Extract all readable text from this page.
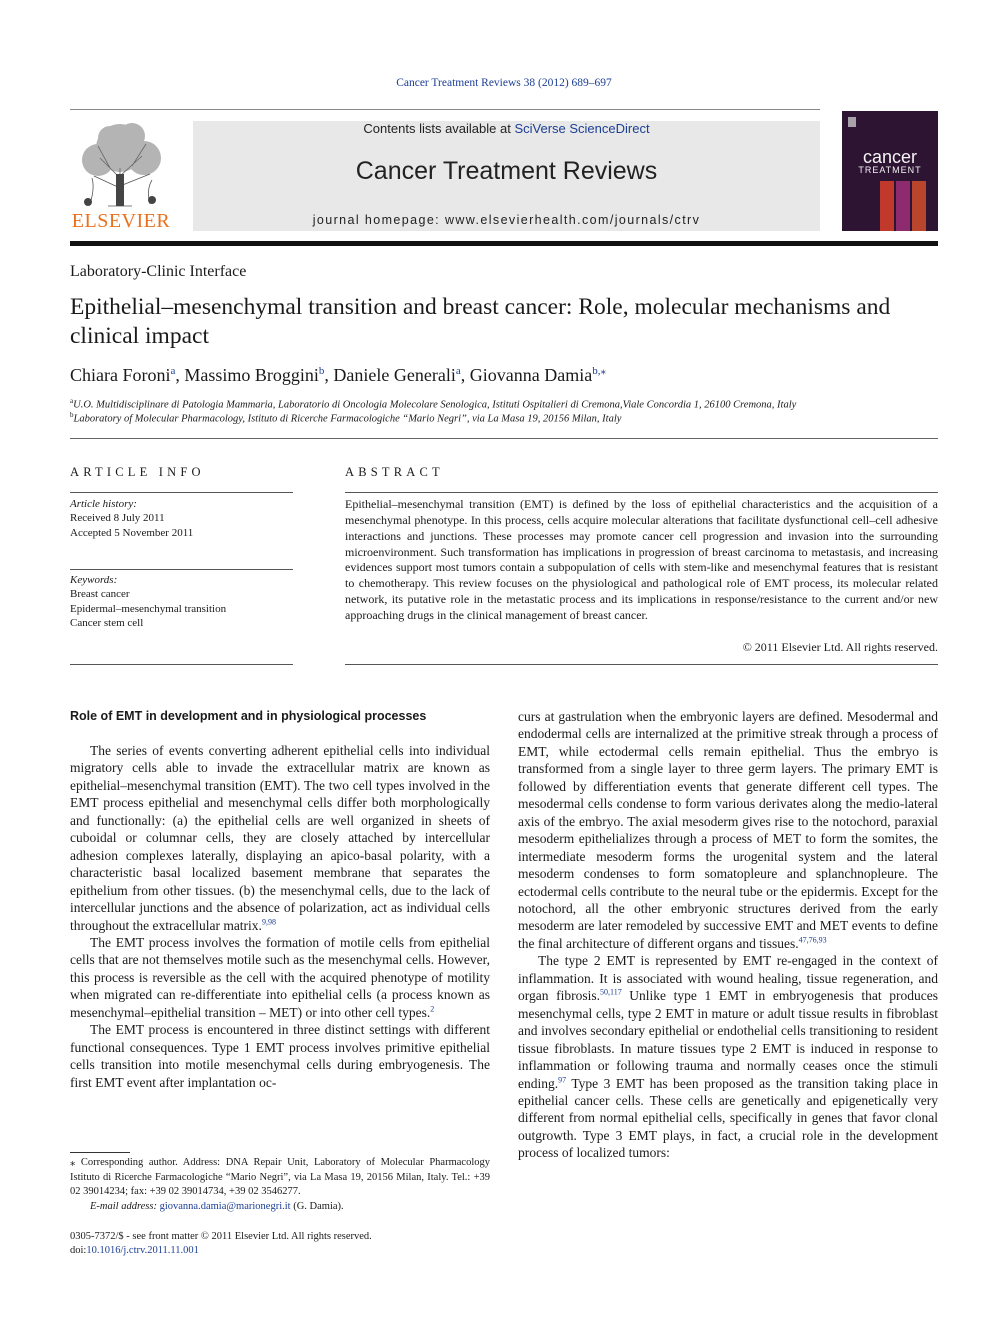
Cancer Treatment Reviews 38 (2012) 689–697
ELSEVIER
Contents lists available at SciVerse ScienceDirect
Cancer Treatment Reviews
journal homepage: www.elsevierhealth.com/journals/ctrv
cancer
TREATMENT
Laboratory-Clinic Interface
Epithelial–mesenchymal transition and breast cancer: Role, molecular mechanisms and clinical impact
Chiara Foroni$^a$, Massimo Broggini$^b$, Daniele Generali$^a$, Giovanna Damia$^{b,⁎}$
$^a$U.O. Multidisciplinare di Patologia Mammaria, Laboratorio di Oncologia Molecolare Senologica, Istituti Ospitalieri di Cremona,Viale Concordia 1, 26100 Cremona, Italy
$^b$Laboratory of Molecular Pharmacology, Istituto di Ricerche Farmacologiche “Mario Negri”, via La Masa 19, 20156 Milan, Italy
ARTICLE INFO
Article history:
Received 8 July 2011
Accepted 5 November 2011
Keywords:
Breast cancer
Epidermal–mesenchymal transition
Cancer stem cell
ABSTRACT
Epithelial–mesenchymal transition (EMT) is defined by the loss of epithelial characteristics and the acquisition of a mesenchymal phenotype. In this process, cells acquire molecular alterations that facilitate dysfunctional cell–cell adhesive interactions and junctions. These processes may promote cancer cell progression and invasion into the surrounding microenvironment. Such transformation has implications in progression of breast carcinoma to metastasis, and increasing evidences support most tumors contain a subpopulation of cells with stem-like and mesenchymal features that is resistant to chemotherapy. This review focuses on the physiological and pathological role of EMT process, its molecular related network, its putative role in the metastatic process and its implications in response/resistance to the current and/or new approaching drugs in the clinical management of breast cancer.
© 2011 Elsevier Ltd. All rights reserved.
Role of EMT in development and in physiological processes

The series of events converting adherent epithelial cells into individual migratory cells able to invade the extracellular matrix are known as epithelial–mesenchymal transition (EMT). The two cell types involved in the EMT process epithelial and mesenchymal cells differ both morphologically and functionally: (a) the epithelial cells are well organized in sheets of cuboidal or columnar cells, they are closely attached by intercellular adhesion complexes laterally, displaying an apico-basal polarity, with a characteristic basal localized basement membrane that separates the epithelium from other tissues. (b) the mesenchymal cells, due to the lack of intercellular junctions and the absence of polarization, act as individual cells throughout the extracellular matrix.$^{9,98}$

The EMT process involves the formation of motile cells from epithelial cells that are not themselves motile such as the mesenchymal cells. However, this process is reversible as the cell with the acquired phenotype of motility when migrated can re-differentiate into epithelial cells (a process known as mesenchymal–epithelial transition – MET) or into other cell types.$^2$

The EMT process is encountered in three distinct settings with different functional consequences. Type 1 EMT process involves primitive epithelial cells transition into motile mesenchymal cells during embryogenesis. The first EMT event after implantation oc-

curs at gastrulation when the embryonic layers are defined. Mesodermal and endodermal cells are internalized at the primitive streak through a process of EMT, while ectodermal cells remain epithelial. Thus the embryo is transformed from a single layer to three germ layers. The primary EMT is followed by differentiation events that generate different cell types. The mesodermal cells condense to form various derivates along the medio-lateral axis of the embryo. The axial mesoderm gives rise to the notochord, paraxial mesoderm epithelializes through a process of MET to form the somites, the intermediate mesoderm forms the urogenital system and the lateral mesoderm condenses to form somatopleure and splanchnopleure. The ectodermal cells contribute to the neural tube or the epidermis. Except for the notochord, all the other embryonic structures derived from the early mesoderm are later remodeled by successive EMT and MET events to define the final architecture of different organs and tissues.$^{47,76,93}$

The type 2 EMT is represented by EMT re-engaged in the context of inflammation. It is associated with wound healing, tissue regeneration, and organ fibrosis.$^{50,117}$ Unlike type 1 EMT in embryogenesis that produces mesenchymal cells, type 2 EMT in mature or adult tissue results in fibroblast and involves secondary epithelial or endothelial cells transitioning to resident tissue fibroblasts. In mature tissues type 2 EMT is induced in response to inflammation or following trauma and normally ceases once the stimuli ending.$^{97}$ Type 3 EMT has been proposed as the transition taking place in epithelial cancer cells. These cells are genetically and epigenetically very different from normal epithelial cells, specifically in genes that favor clonal outgrowth. Type 3 EMT plays, in fact, a crucial role in the development process of localized tumors:

⁎ Corresponding author. Address: DNA Repair Unit, Laboratory of Molecular Pharmacology Istituto di Ricerche Farmacologiche “Mario Negri”, via La Masa 19, 20156 Milan, Italy. Tel.: +39 02 39014234; fax: +39 02 39014734, +39 02 3546277.
E-mail address: giovanna.damia@marionegri.it (G. Damia).
0305-7372/$ - see front matter © 2011 Elsevier Ltd. All rights reserved.
doi:10.1016/j.ctrv.2011.11.001
